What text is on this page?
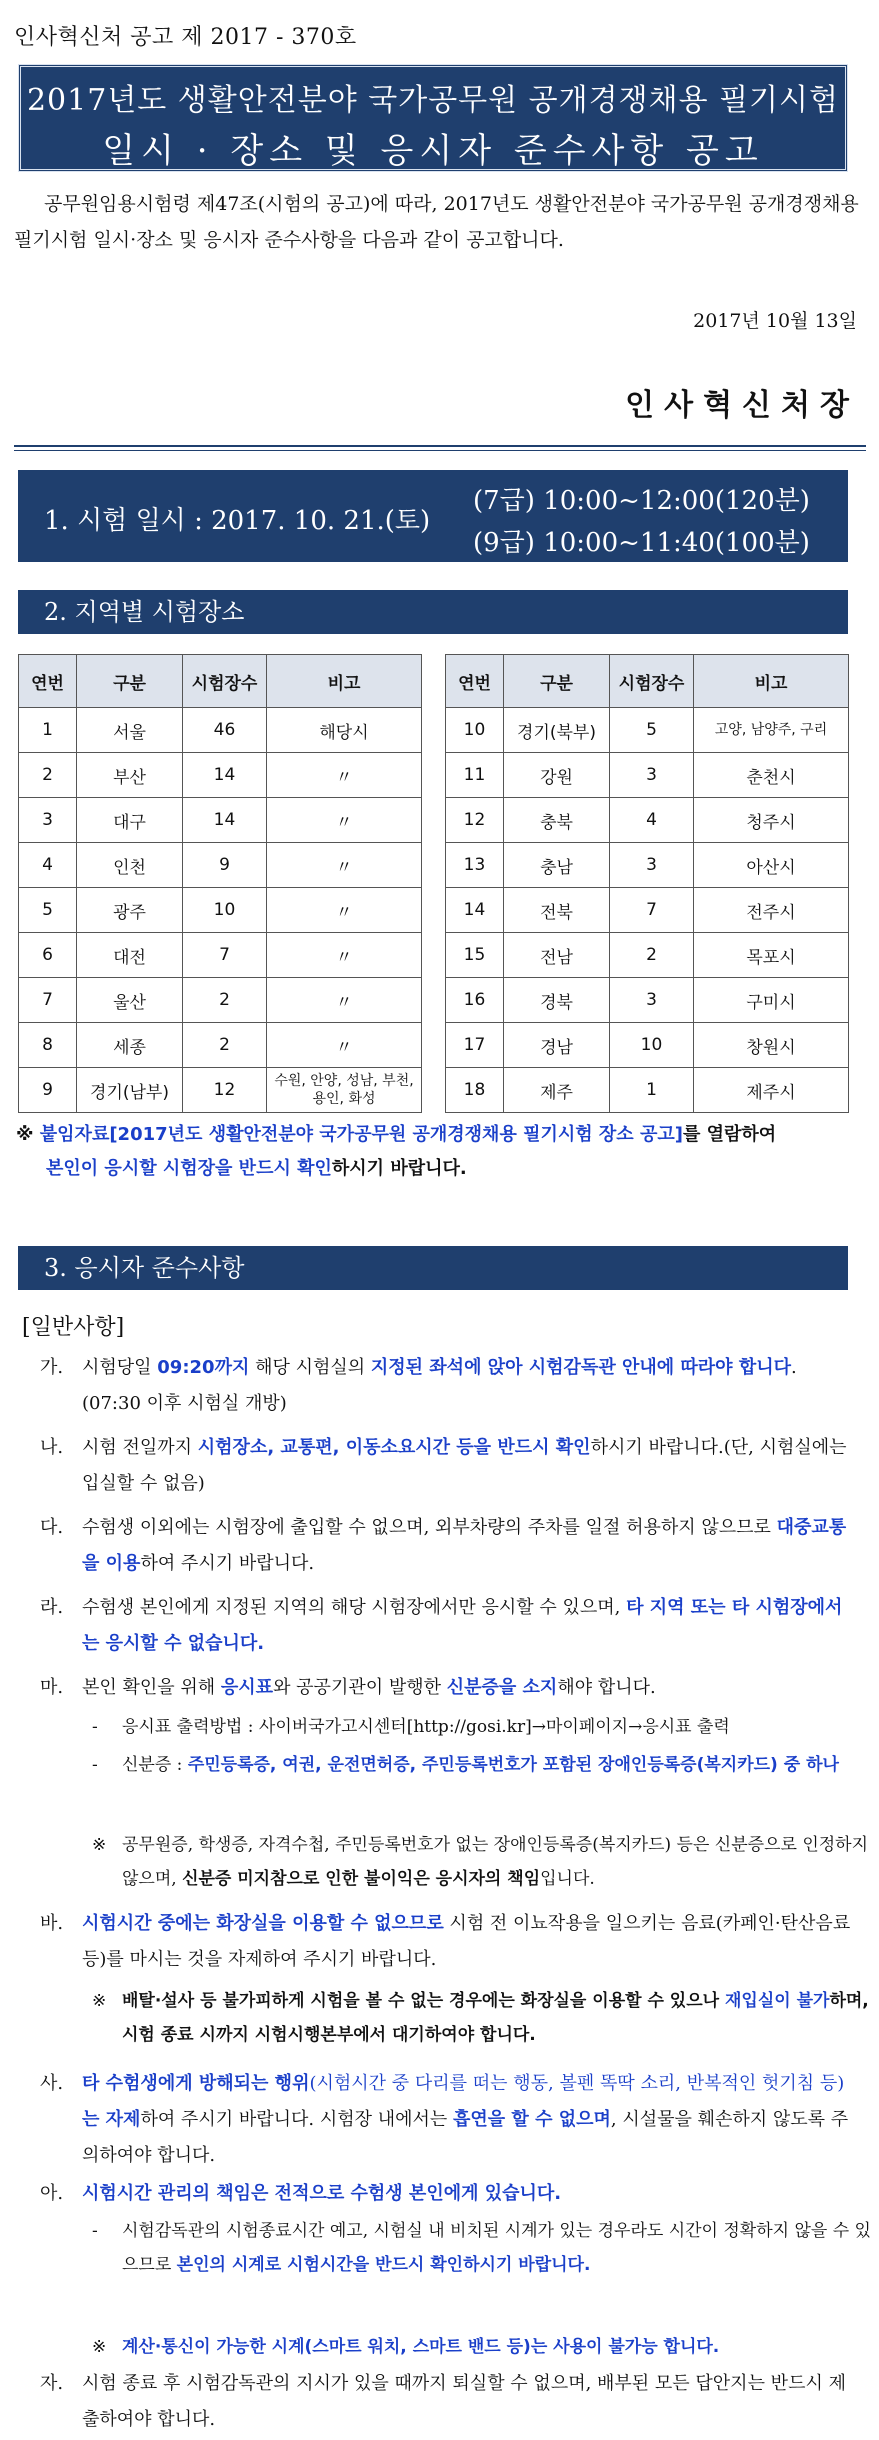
인사혁신처 공고 제 2017 - 370호
2017년도 생활안전분야 국가공무원 공개경쟁채용 필기시험
일시 · 장소 및 응시자 준수사항 공고
공무원임용시험령 제47조(시험의 공고)에 따라, 2017년도 생활안전분야 국가공무원 공개경쟁채용 필기시험 일시·장소 및 응시자 준수사항을 다음과 같이 공고합니다.
2017년 10월 13일
인사혁신처장
1. 시험 일시 : 2017. 10. 21.(토)
(7급) 10:00~12:00(120분)
(9급) 10:00~11:40(100분)
2. 지역별 시험장소
연번	구분	시험장수	비고
1	서울	46	해당시
2	부산	14	〃
3	대구	14	〃
4	인천	9	〃
5	광주	10	〃
6	대전	7	〃
7	울산	2	〃
8	세종	2	〃
9	경기(남부)	12	수원, 안양, 성남, 부천, 용인, 화성
연번	구분	시험장수	비고
10	경기(북부)	5	고양, 남양주, 구리
11	강원	3	춘천시
12	충북	4	청주시
13	충남	3	아산시
14	전북	7	전주시
15	전남	2	목포시
16	경북	3	구미시
17	경남	10	창원시
18	제주	1	제주시
※ 붙임자료[2017년도 생활안전분야 국가공무원 공개경쟁채용 필기시험 장소 공고]를 열람하여
본인이 응시할 시험장을 반드시 확인하시기 바랍니다.
3. 응시자 준수사항
[일반사항]
가. 시험당일 09:20까지 해당 시험실의 지정된 좌석에 앉아 시험감독관 안내에 따라야 합니다.(07:30 이후 시험실 개방)
나. 시험 전일까지 시험장소, 교통편, 이동소요시간 등을 반드시 확인하시기 바랍니다.(단, 시험실에는 입실할 수 없음)
다. 수험생 이외에는 시험장에 출입할 수 없으며, 외부차량의 주차를 일절 허용하지 않으므로 대중교통을 이용하여 주시기 바랍니다.
라. 수험생 본인에게 지정된 지역의 해당 시험장에서만 응시할 수 있으며, 타 지역 또는 타 시험장에서는 응시할 수 없습니다.
마. 본인 확인을 위해 응시표와 공공기관이 발행한 신분증을 소지해야 합니다.
- 응시표 출력방법 : 사이버국가고시센터[http://gosi.kr]→마이페이지→응시표 출력
- 신분증 : 주민등록증, 여권, 운전면허증, 주민등록번호가 포함된 장애인등록증(복지카드) 중 하나
※ 공무원증, 학생증, 자격수첩, 주민등록번호가 없는 장애인등록증(복지카드) 등은 신분증으로 인정하지 않으며, 신분증 미지참으로 인한 불이익은 응시자의 책임입니다.
바. 시험시간 중에는 화장실을 이용할 수 없으므로 시험 전 이뇨작용을 일으키는 음료(카페인·탄산음료 등)를 마시는 것을 자제하여 주시기 바랍니다.
※ 배탈·설사 등 불가피하게 시험을 볼 수 없는 경우에는 화장실을 이용할 수 있으나 재입실이 불가하며, 시험 종료 시까지 시험시행본부에서 대기하여야 합니다.
사. 타 수험생에게 방해되는 행위(시험시간 중 다리를 떠는 행동, 볼펜 똑딱 소리, 반복적인 헛기침 등)는 자제하여 주시기 바랍니다. 시험장 내에서는 흡연을 할 수 없으며, 시설물을 훼손하지 않도록 주의하여야 합니다.
아. 시험시간 관리의 책임은 전적으로 수험생 본인에게 있습니다.
- 시험감독관의 시험종료시간 예고, 시험실 내 비치된 시계가 있는 경우라도 시간이 정확하지 않을 수 있으므로 본인의 시계로 시험시간을 반드시 확인하시기 바랍니다.
※ 계산·통신이 가능한 시계(스마트 워치, 스마트 밴드 등)는 사용이 불가능 합니다.
자. 시험 종료 후 시험감독관의 지시가 있을 때까지 퇴실할 수 없으며, 배부된 모든 답안지는 반드시 제출하여야 합니다.
